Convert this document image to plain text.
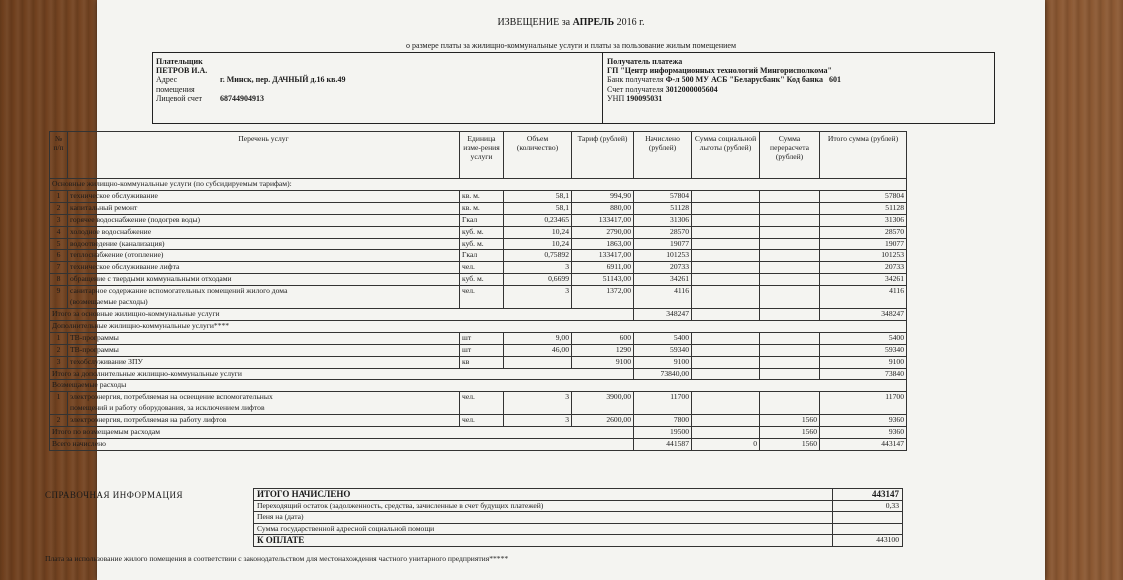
ИЗВЕЩЕНИЕ за АПРЕЛЬ 2016 г.
о размере платы за жилищно-коммунальные услуги и платы за пользование жилым помещением
Плательщик
ПЕТРОВ И.А.
Адрес	г. Минск, пер. ДАЧНЫЙ д.16 кв.49
помещения
Лицевой счет 68744904913
Получатель платежа
ГП "Центр информационных технологий Мингорисполкома"
Банк получателя Ф-л 500 МУ АСБ "Беларусбанк" Код банка 601
Счет получателя 3012000005604
УНП 190095031
№ п/п	Перечень услуг	Единица изме-рения услуги	Объем (количество)	Тариф (рублей)	Начислено (рублей)	Сумма социальной льготы (рублей)	Сумма перерасчета (рублей)	Итого сумма (рублей)
Основные жилищно-коммунальные услуги (по субсидируемым тарифам):								
1	техническое обслуживание	кв. м.	58,1	994,90	57804			57804
2	капитальный ремонт	кв. м.	58,1	880,00	51128			51128
3	горячее водоснабжение (подогрев воды)	Гкал	0,23465	133417,00	31306			31306
4	холодное водоснабжение	куб. м.	10,24	2790,00	28570			28570
5	водоотведение (канализация)	куб. м.	10,24	1863,00	19077			19077
6	теплоснабжение (отопление)	Гкал	0,75892	133417,00	101253			101253
7	техническое обслуживание лифта	чел.	3	6911,00	20733			20733
8	обращение с твердыми коммунальными отходами	куб. м.	0,6699	51143,00	34261			34261
9	санитарное содержание вспомогательных помещений жилого дома
(возмещаемые расходы)	чел.	3	1372,00	4116			4116
Итого за основные жилищно-коммунальные услуги					348247			348247
Дополнительные жилищно-коммунальные услуги****								
1	ТВ-программы	шт	9,00	600	5400			5400
2	ТВ-программы	шт	46,00	1290	59340			59340
3	техобслуживание ЗПУ	кв		9100	9100			9100
Итого за дополнительные жилищно-коммунальные услуги					73840,00			73840
Возмещаемые расходы								
1	электроэнергия, потребляемая на освещение вспомогательных
помещений и работу оборудования, за исключением лифтов	чел.	3	3900,00	11700			11700
2	электроэнергия, потребляемая на работу лифтов	чел.	3	2600,00	7800		1560	9360
Итого по возмещаемым расходам					19500		1560	9360
Всего начислено					441587	0	1560	443147
СПРАВОЧНАЯ ИНФОРМАЦИЯ	ИТОГО НАЧИСЛЕНО	443147
Переходящий остаток (задолженность, средства, зачисленные в счет будущих платежей)	0,33
Пеня на (дата)	
Сумма государственной адресной социальной помощи	
К ОПЛАТЕ	443100
Плата за использование жилого помещения в соответствии с законодательством для местонахождения частного унитарного предприятия*****
